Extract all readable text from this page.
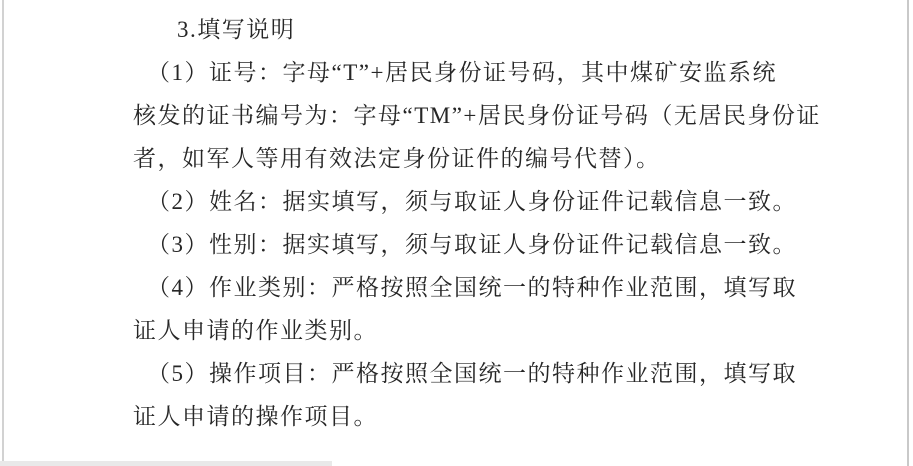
3.填写说明
（1）证号：字母“T”+居民身份证号码，其中煤矿安监系统
核发的证书编号为：字母“TM”+居民身份证号码（无居民身份证
者，如军人等用有效法定身份证件的编号代替）。
（2）姓名：据实填写，须与取证人身份证件记载信息一致。
（3）性别：据实填写，须与取证人身份证件记载信息一致。
（4）作业类别：严格按照全国统一的特种作业范围，填写取
证人申请的作业类别。
（5）操作项目：严格按照全国统一的特种作业范围，填写取
证人申请的操作项目。
